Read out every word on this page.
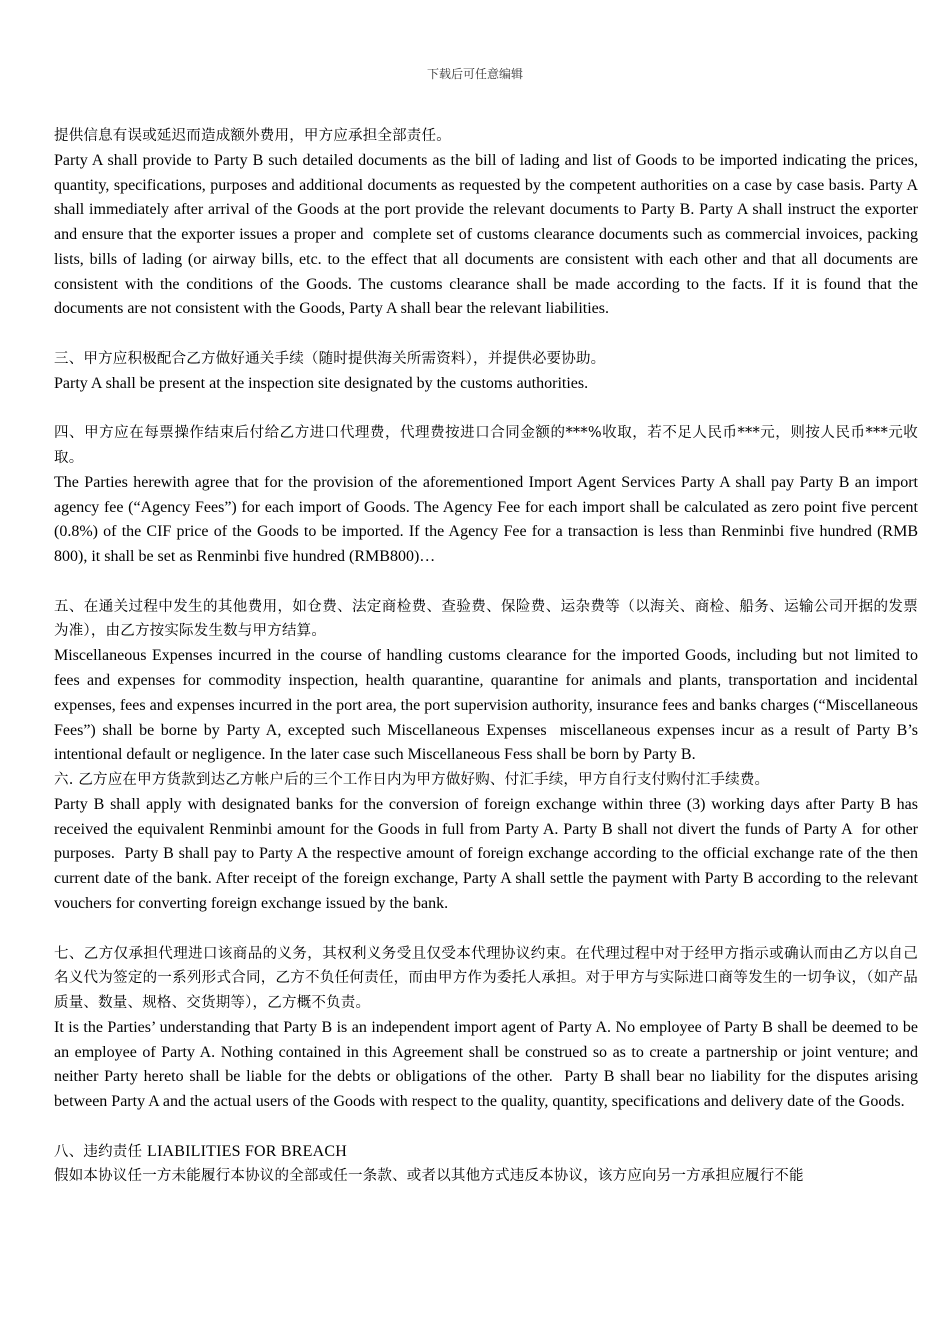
下载后可任意编辑

提供信息有误或延迟而造成额外费用，甲方应承担全部责任。

Party A shall provide to Party B such detailed documents as the bill of lading and list of Goods to be imported indicating the prices, quantity, specifications, purposes and additional documents as requested by the competent authorities on a case by case basis. Party A shall immediately after arrival of the Goods at the port provide the relevant documents to Party B. Party A shall instruct the exporter and ensure that the exporter issues a proper and  complete set of customs clearance documents such as commercial invoices, packing lists, bills of lading (or airway bills, etc. to the effect that all documents are consistent with each other and that all documents are consistent with the conditions of the Goods. The customs clearance shall be made according to the facts. If it is found that the documents are not consistent with the Goods, Party A shall bear the relevant liabilities.

三、甲方应积极配合乙方做好通关手续（随时提供海关所需资料），并提供必要协助。

Party A shall be present at the inspection site designated by the customs authorities.

四、甲方应在每票操作结束后付给乙方进口代理费，代理费按进口合同金额的***%收取，若不足人民币***元，则按人民币***元收取。

The Parties herewith agree that for the provision of the aforementioned Import Agent Services Party A shall pay Party B an import agency fee (“Agency Fees”) for each import of Goods. The Agency Fee for each import shall be calculated as zero point five percent (0.8%) of the CIF price of the Goods to be imported. If the Agency Fee for a transaction is less than Renminbi five hundred (RMB 800), it shall be set as Renminbi five hundred (RMB800)…

五、在通关过程中发生的其他费用，如仓费、法定商检费、查验费、保险费、运杂费等（以海关、商检、船务、运输公司开据的发票为准），由乙方按实际发生数与甲方结算。

Miscellaneous Expenses incurred in the course of handling customs clearance for the imported Goods, including but not limited to fees and expenses for commodity inspection, health quarantine, quarantine for animals and plants, transportation and incidental expenses, fees and expenses incurred in the port area, the port supervision authority, insurance fees and banks charges (“Miscellaneous Fees”) shall be borne by Party A, excepted such Miscellaneous Expenses  miscellaneous expenses incur as a result of Party B’s intentional default or negligence. In the later case such Miscellaneous Fess shall be born by Party B.

六. 乙方应在甲方货款到达乙方帐户后的三个工作日内为甲方做好购、付汇手续，甲方自行支付购付汇手续费。

Party B shall apply with designated banks for the conversion of foreign exchange within three (3) working days after Party B has received the equivalent Renminbi amount for the Goods in full from Party A. Party B shall not divert the funds of Party A  for other purposes.  Party B shall pay to Party A the respective amount of foreign exchange according to the official exchange rate of the then current date of the bank. After receipt of the foreign exchange, Party A shall settle the payment with Party B according to the relevant vouchers for converting foreign exchange issued by the bank.

七、乙方仅承担代理进口该商品的义务，其权利义务受且仅受本代理协议约束。在代理过程中对于经甲方指示或确认而由乙方以自己名义代为签定的一系列形式合同，乙方不负任何责任，而由甲方作为委托人承担。对于甲方与实际进口商等发生的一切争议，（如产品质量、数量、规格、交货期等），乙方概不负责。

It is the Parties’ understanding that Party B is an independent import agent of Party A. No employee of Party B shall be deemed to be an employee of Party A. Nothing contained in this Agreement shall be construed so as to create a partnership or joint venture; and neither Party hereto shall be liable for the debts or obligations of the other.  Party B shall bear no liability for the disputes arising between Party A and the actual users of the Goods with respect to the quality, quantity, specifications and delivery date of the Goods.

八、违约责任 LIABILITIES FOR BREACH

假如本协议任一方未能履行本协议的全部或任一条款、或者以其他方式违反本协议，该方应向另一方承担应履行不能
